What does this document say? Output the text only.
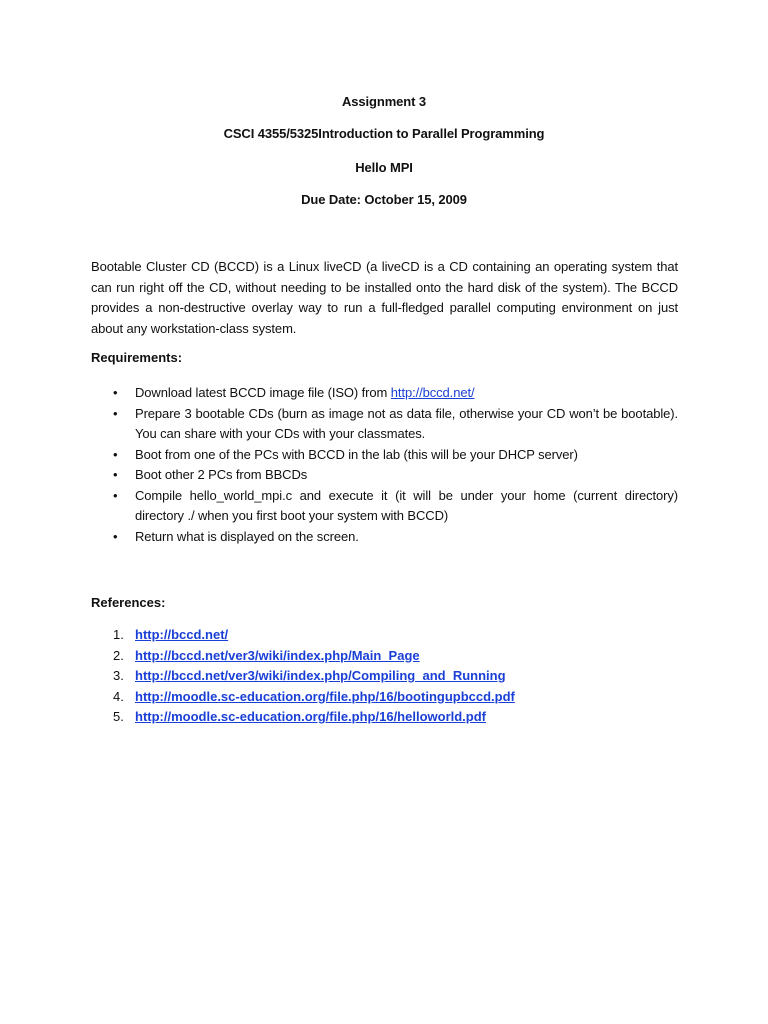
Assignment 3
CSCI 4355/5325Introduction to Parallel Programming
Hello MPI
Due Date: October 15, 2009
Bootable Cluster CD (BCCD) is a Linux liveCD (a liveCD is a CD containing an operating system that can run right off the CD, without needing to be installed onto the hard disk of the system). The BCCD provides a non-destructive overlay way to run a full-fledged parallel computing environment on just about any workstation-class system.
Requirements:
• Download latest BCCD image file (ISO) from http://bccd.net/
• Prepare 3 bootable CDs (burn as image not as data file, otherwise your CD won’t be bootable). You can share with your CDs with your classmates.
• Boot from one of the PCs with BCCD in the lab (this will be your DHCP server)
• Boot other 2 PCs from BBCDs
• Compile hello_world_mpi.c and execute it (it will be under your home (current directory) directory ./ when you first boot your system with BCCD)
• Return what is displayed on the screen.
References:
1. http://bccd.net/
2. http://bccd.net/ver3/wiki/index.php/Main_Page
3. http://bccd.net/ver3/wiki/index.php/Compiling_and_Running
4. http://moodle.sc-education.org/file.php/16/bootingupbccd.pdf
5. http://moodle.sc-education.org/file.php/16/helloworld.pdf
